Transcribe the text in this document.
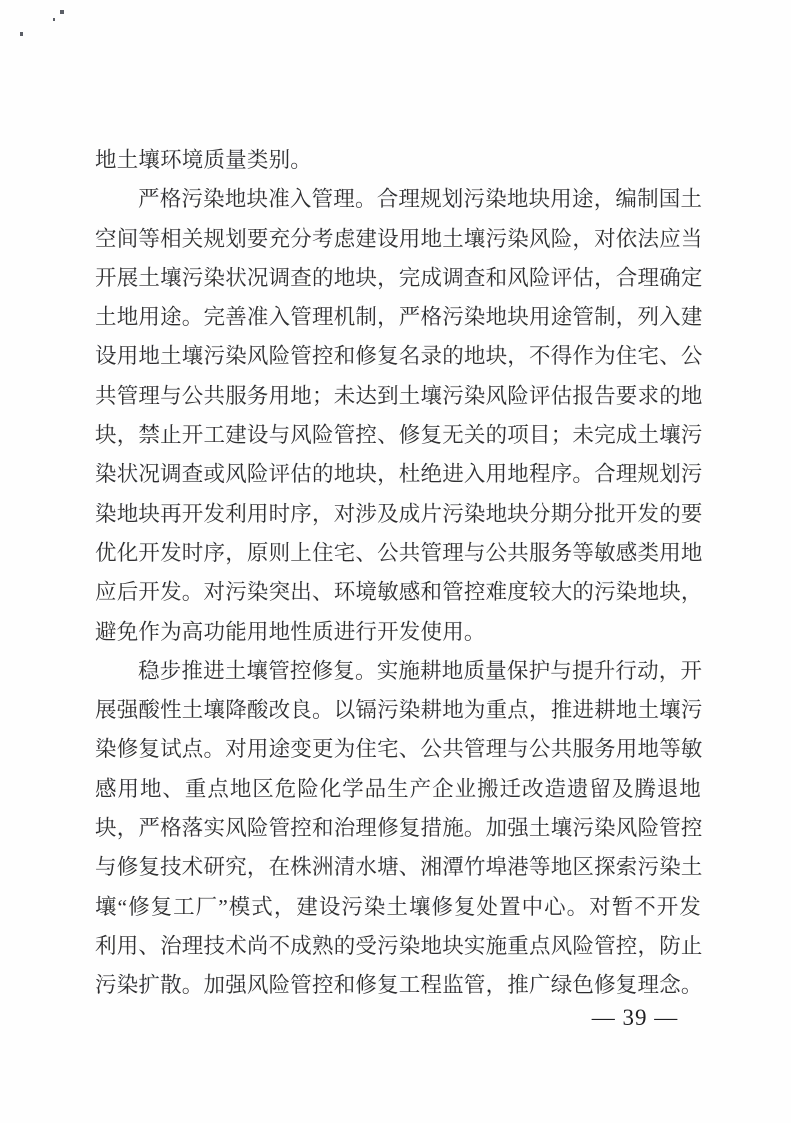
地土壤环境质量类别。
严格污染地块准入管理。合理规划污染地块用途，编制国土
空间等相关规划要充分考虑建设用地土壤污染风险，对依法应当
开展土壤污染状况调查的地块，完成调查和风险评估，合理确定
土地用途。完善准入管理机制，严格污染地块用途管制，列入建
设用地土壤污染风险管控和修复名录的地块，不得作为住宅、公
共管理与公共服务用地；未达到土壤污染风险评估报告要求的地
块，禁止开工建设与风险管控、修复无关的项目；未完成土壤污
染状况调查或风险评估的地块，杜绝进入用地程序。合理规划污
染地块再开发利用时序，对涉及成片污染地块分期分批开发的要
优化开发时序，原则上住宅、公共管理与公共服务等敏感类用地
应后开发。对污染突出、环境敏感和管控难度较大的污染地块，
避免作为高功能用地性质进行开发使用。
稳步推进土壤管控修复。实施耕地质量保护与提升行动，开
展强酸性土壤降酸改良。以镉污染耕地为重点，推进耕地土壤污
染修复试点。对用途变更为住宅、公共管理与公共服务用地等敏
感用地、重点地区危险化学品生产企业搬迁改造遗留及腾退地
块，严格落实风险管控和治理修复措施。加强土壤污染风险管控
与修复技术研究，在株洲清水塘、湘潭竹埠港等地区探索污染土
壤“修复工厂”模式，建设污染土壤修复处置中心。对暂不开发
利用、治理技术尚不成熟的受污染地块实施重点风险管控，防止
污染扩散。加强风险管控和修复工程监管，推广绿色修复理念。
— 39 —
